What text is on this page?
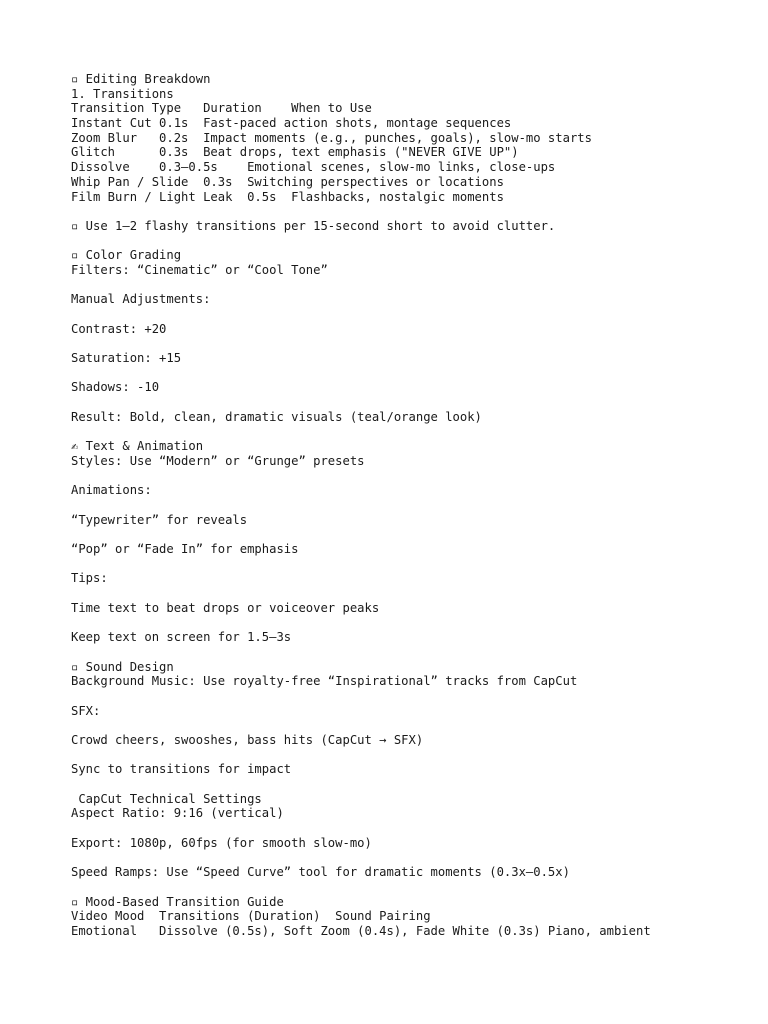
▫ Editing Breakdown
1. Transitions
Transition Type   Duration    When to Use
Instant Cut 0.1s  Fast-paced action shots, montage sequences
Zoom Blur   0.2s  Impact moments (e.g., punches, goals), slow-mo starts
Glitch      0.3s  Beat drops, text emphasis ("NEVER GIVE UP")
Dissolve    0.3–0.5s    Emotional scenes, slow-mo links, close-ups
Whip Pan / Slide  0.3s  Switching perspectives or locations
Film Burn / Light Leak  0.5s  Flashbacks, nostalgic moments
▫ Use 1–2 flashy transitions per 15-second short to avoid clutter.
▫ Color Grading
Filters: “Cinematic” or “Cool Tone”
Manual Adjustments:
Contrast: +20
Saturation: +15
Shadows: -10
Result: Bold, clean, dramatic visuals (teal/orange look)
✍ Text & Animation
Styles: Use “Modern” or “Grunge” presets
Animations:
“Typewriter” for reveals
“Pop” or “Fade In” for emphasis
Tips:
Time text to beat drops or voiceover peaks
Keep text on screen for 1.5–3s
▫ Sound Design
Background Music: Use royalty-free “Inspirational” tracks from CapCut
SFX:
Crowd cheers, swooshes, bass hits (CapCut → SFX)
Sync to transitions for impact
CapCut Technical Settings
Aspect Ratio: 9:16 (vertical)
Export: 1080p, 60fps (for smooth slow-mo)
Speed Ramps: Use “Speed Curve” tool for dramatic moments (0.3x–0.5x)
▫ Mood-Based Transition Guide
Video Mood  Transitions (Duration)  Sound Pairing
Emotional   Dissolve (0.5s), Soft Zoom (0.4s), Fade White (0.3s) Piano, ambient
